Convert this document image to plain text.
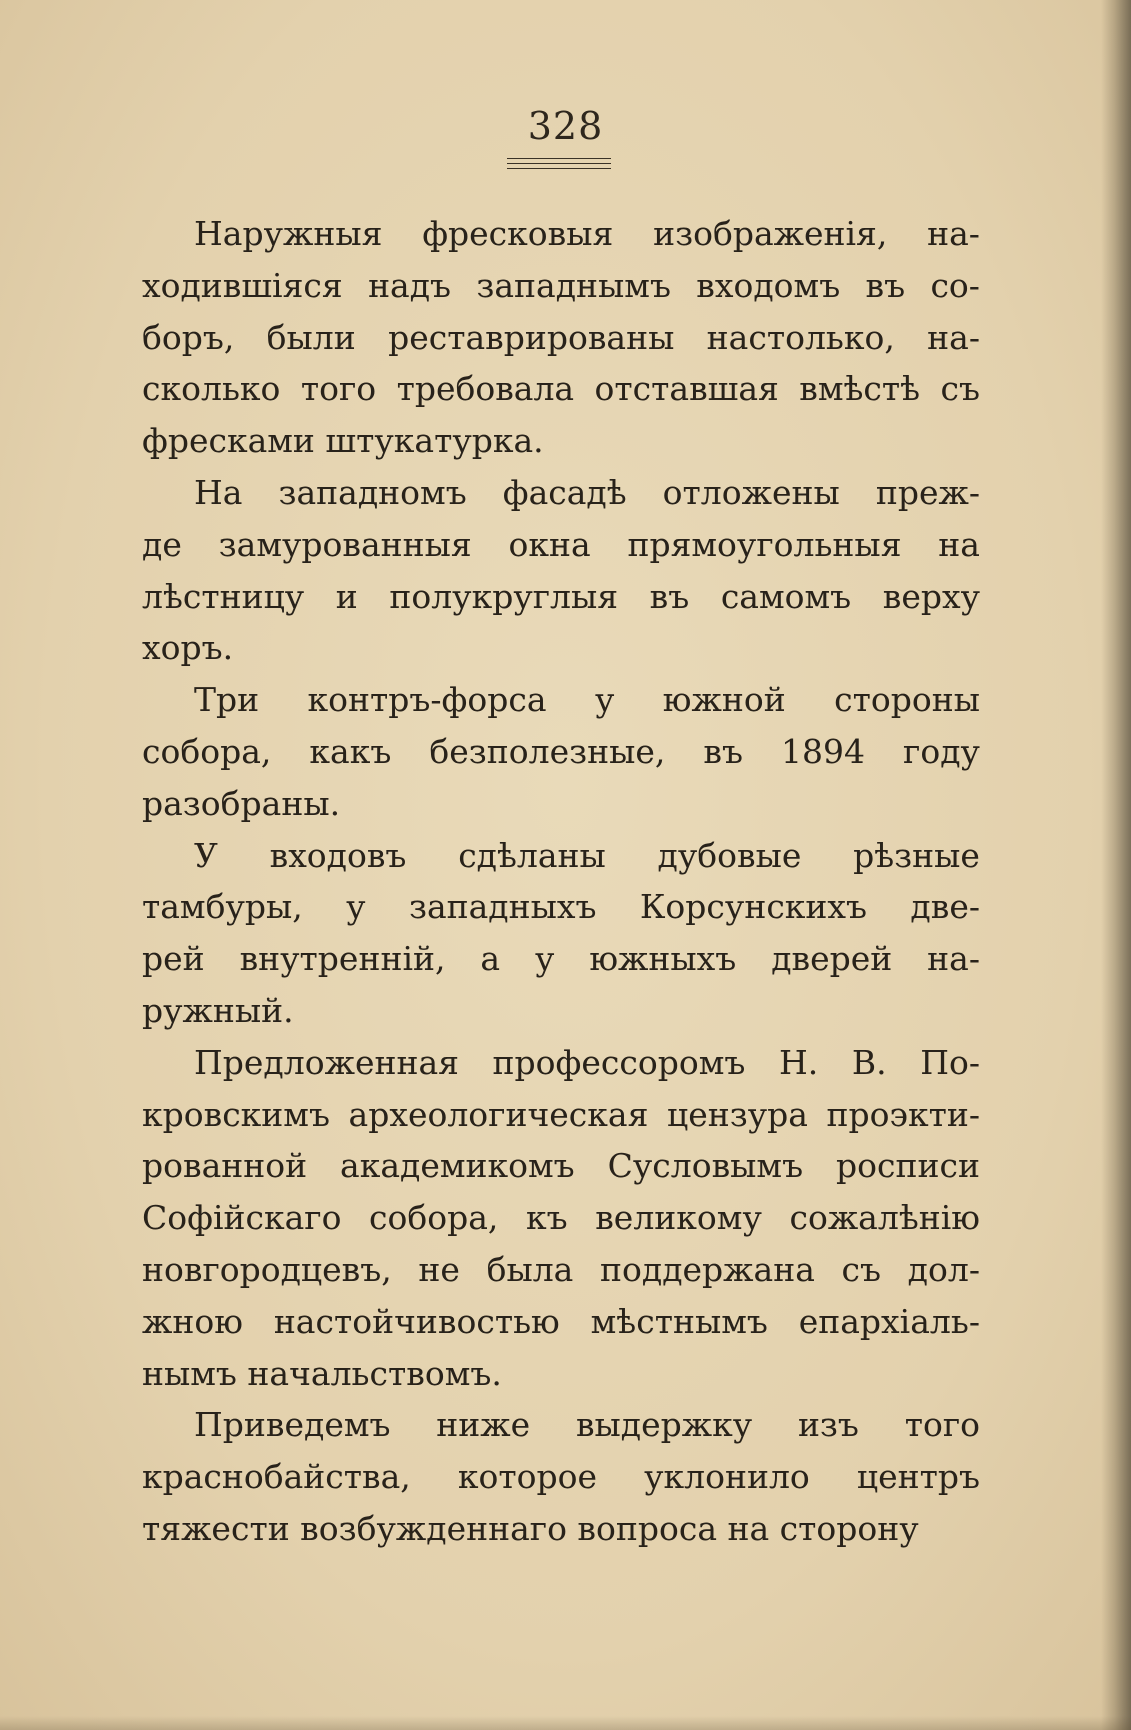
328
Наружныя фресковыя изображенія, на-
ходившіяся надъ западнымъ входомъ въ со-
боръ, были реставрированы настолько, на-
сколько того требовала отставшая вмѣстѣ съ
фресками штукатурка.
На западномъ фасадѣ отложены преж-
де замурованныя окна прямоугольныя на
лѣстницу и полукруглыя въ самомъ верху
хоръ.
Три контръ-форса у южной стороны
собора, какъ безполезные, въ 1894 году
разобраны.
У входовъ сдѣланы дубовые рѣзные
тамбуры, у западныхъ Корсунскихъ две-
рей внутренній, а у южныхъ дверей на-
ружный.
Предложенная профессоромъ Н. В. По-
кровскимъ археологическая цензура проэкти-
рованной академикомъ Сусловымъ росписи
Софійскаго собора, къ великому сожалѣнію
новгородцевъ, не была поддержана съ дол-
жною настойчивостью мѣстнымъ епархіаль-
нымъ начальствомъ.
Приведемъ ниже выдержку изъ того
краснобайства, которое уклонило центръ
тяжести возбужденнаго вопроса на сторону
